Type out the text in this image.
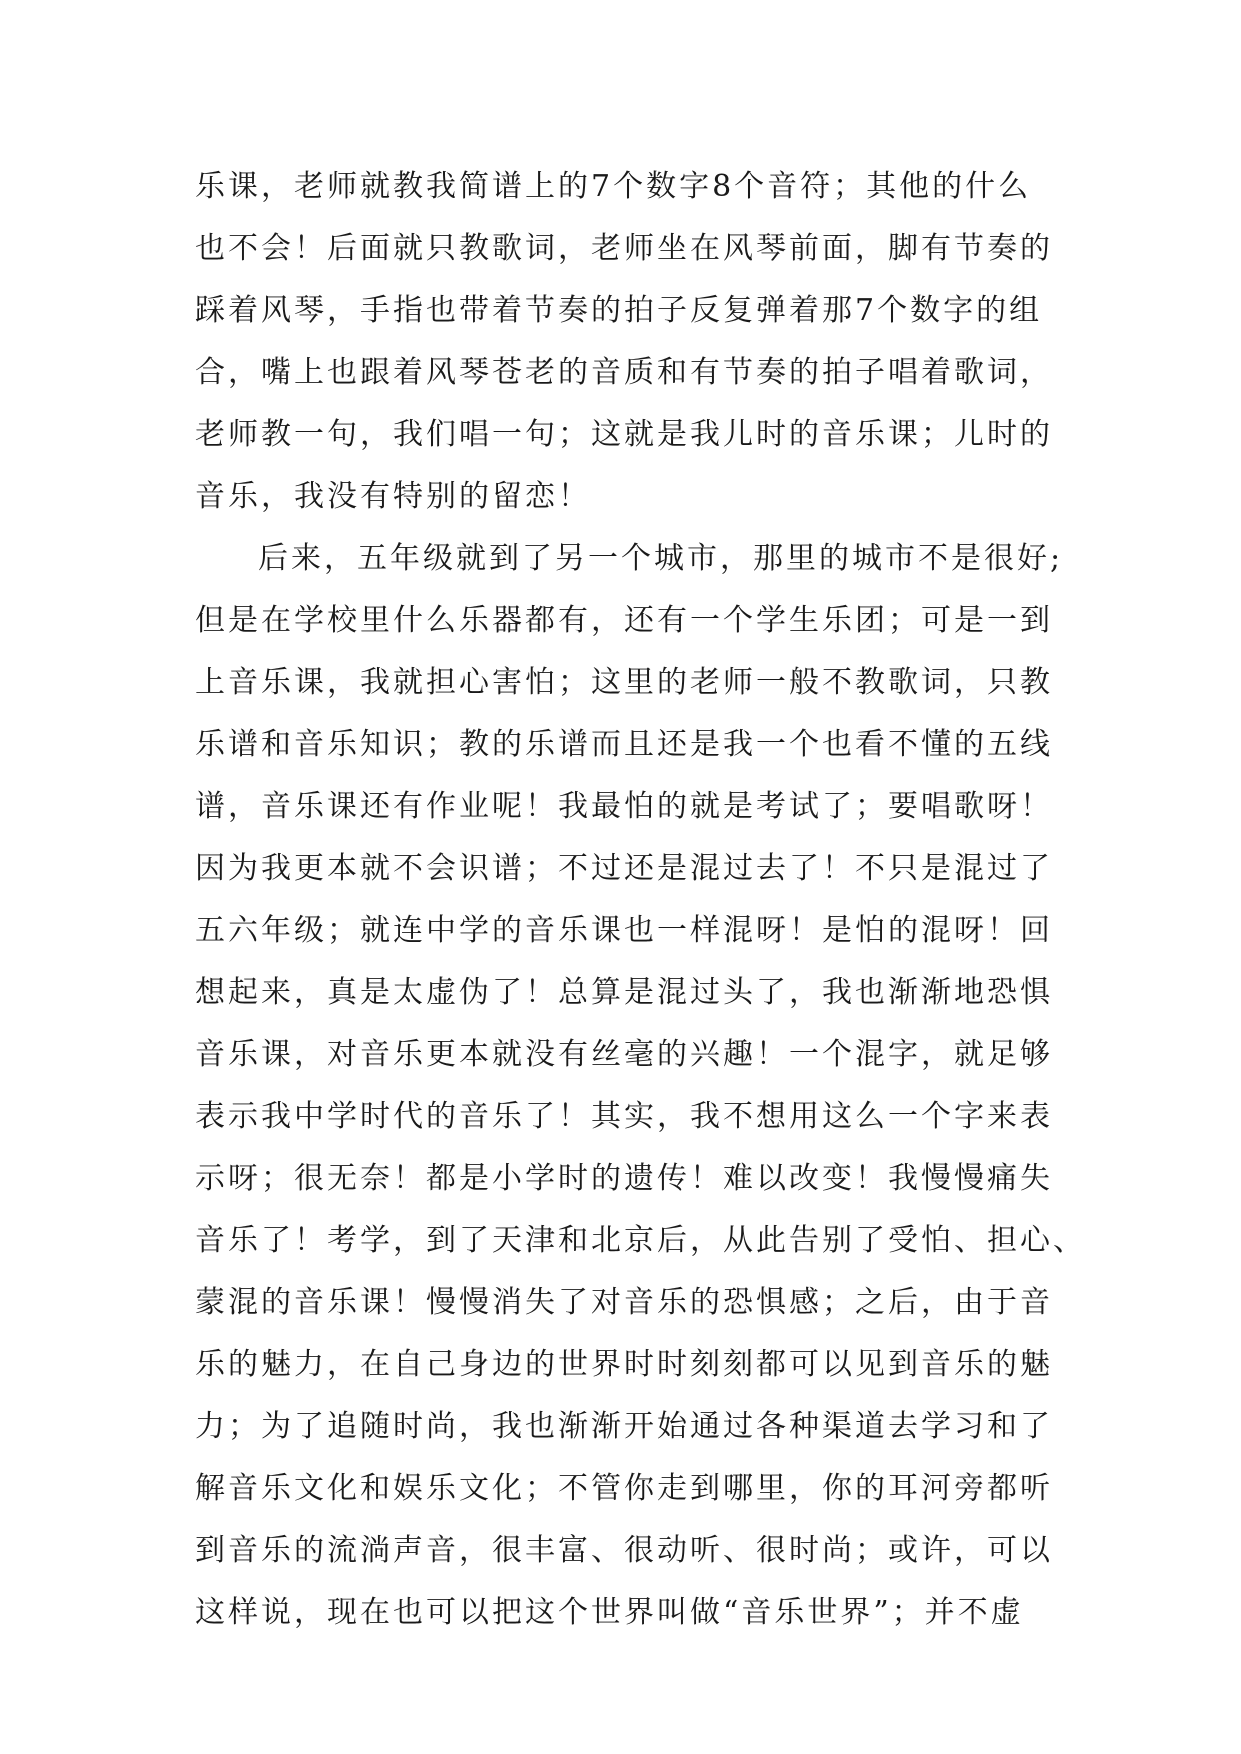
乐课，老师就教我简谱上的7个数字8个音符；其他的什么
也不会！后面就只教歌词，老师坐在风琴前面，脚有节奏的
踩着风琴，手指也带着节奏的拍子反复弹着那7个数字的组
合，嘴上也跟着风琴苍老的音质和有节奏的拍子唱着歌词，
老师教一句，我们唱一句；这就是我儿时的音乐课；儿时的
音乐，我没有特别的留恋！
后来，五年级就到了另一个城市，那里的城市不是很好;
但是在学校里什么乐器都有，还有一个学生乐团；可是一到
上音乐课，我就担心害怕；这里的老师一般不教歌词，只教
乐谱和音乐知识；教的乐谱而且还是我一个也看不懂的五线
谱，音乐课还有作业呢！我最怕的就是考试了；要唱歌呀！
因为我更本就不会识谱；不过还是混过去了！不只是混过了
五六年级；就连中学的音乐课也一样混呀！是怕的混呀！回
想起来，真是太虚伪了！总算是混过头了，我也渐渐地恐惧
音乐课，对音乐更本就没有丝毫的兴趣！一个混字，就足够
表示我中学时代的音乐了！其实，我不想用这么一个字来表
示呀；很无奈！都是小学时的遗传！难以改变！我慢慢痛失
音乐了！考学，到了天津和北京后，从此告别了受怕、担心、
蒙混的音乐课！慢慢消失了对音乐的恐惧感；之后，由于音
乐的魅力，在自己身边的世界时时刻刻都可以见到音乐的魅
力；为了追随时尚，我也渐渐开始通过各种渠道去学习和了
解音乐文化和娱乐文化；不管你走到哪里，你的耳河旁都听
到音乐的流淌声音，很丰富、很动听、很时尚；或许，可以
这样说，现在也可以把这个世界叫做“音乐世界”；并不虚
